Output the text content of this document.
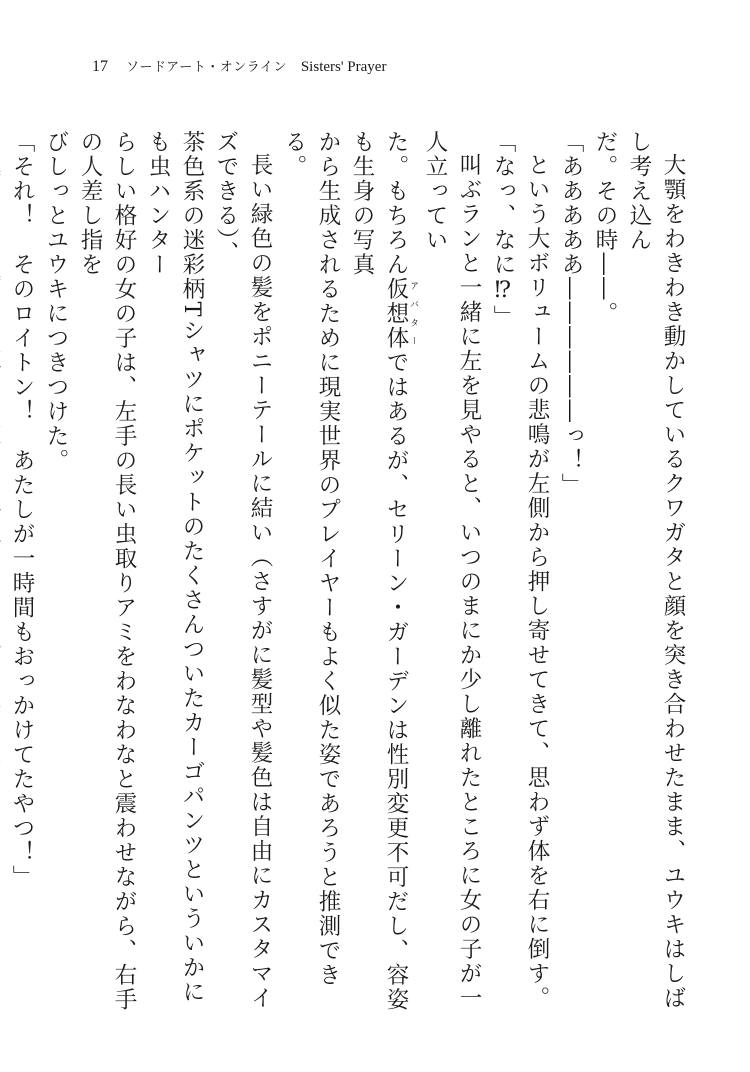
17 ソードアート・オンライン Sisters' Prayer

大顎をわきわき動かしているクワガタと顔を突き合わせたまま、ユウキはしばし考え込ん

だ。その時――。

「あああああ――――――っ！」

という大ボリュームの悲鳴が左側から押し寄せてきて、思わず体を右に倒す。

「なっ、なに⁉」

叫ぶランと一緒に左を見やると、いつのまにか少し離れたところに女の子が一人立ってい

た。もちろん仮想体 アバターではあるが、セリーン・ガーデンは性別変更不可だし、容姿も生身の写真

から生成されるために現実世界のプレイヤーもよく似た姿であろうと推測できる。

長い緑色の髪をポニーテールに結い（さすがに髪型や髪色は自由にカスタマイズできる）、

茶色系の迷彩柄Tシャツにポケットのたくさんついたカーゴパンツといういかにも虫ハンター

らしい格好の女の子は、左手の長い虫取りアミをわなわなと震わせながら、右手の人差し指を

びしっとユウキにつきつけた。

「それ！　そのロイトン！　あたしが一時間もおっかけてたやつ！」
